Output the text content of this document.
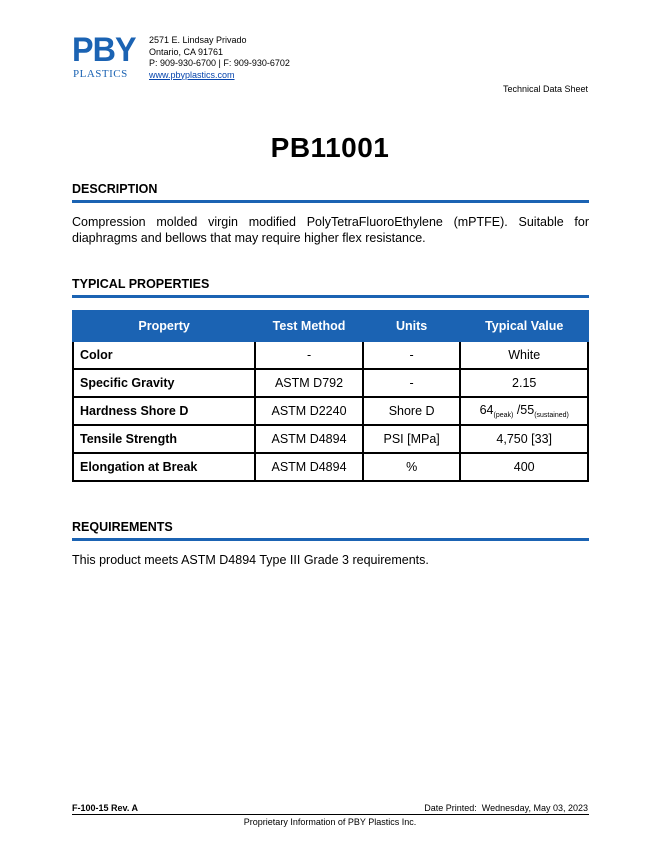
PBY
PLASTICS
2571 E. Lindsay Privado
Ontario, CA 91761
P: 909-930-6700 | F: 909-930-6702
www.pbyplastics.com
Technical Data Sheet
PB11001
DESCRIPTION
Compression molded virgin modified PolyTetraFluoroEthylene (mPTFE). Suitable for diaphragms and bellows that may require higher flex resistance.
TYPICAL PROPERTIES
Property	Test Method	Units	Typical Value
Color	-	-	White
Specific Gravity	ASTM D792	-	2.15
Hardness Shore D	ASTM D2240	Shore D	$64_{(peak)}$ $/55_{(sustained)}$
Tensile Strength	ASTM D4894	PSI [MPa]	4,750 [33]
Elongation at Break	ASTM D4894	%	400
REQUIREMENTS
This product meets ASTM D4894 Type III Grade 3 requirements.
F-100-15 Rev. A	Date Printed: Wednesday, May 03, 2023
Proprietary Information of PBY Plastics Inc.
